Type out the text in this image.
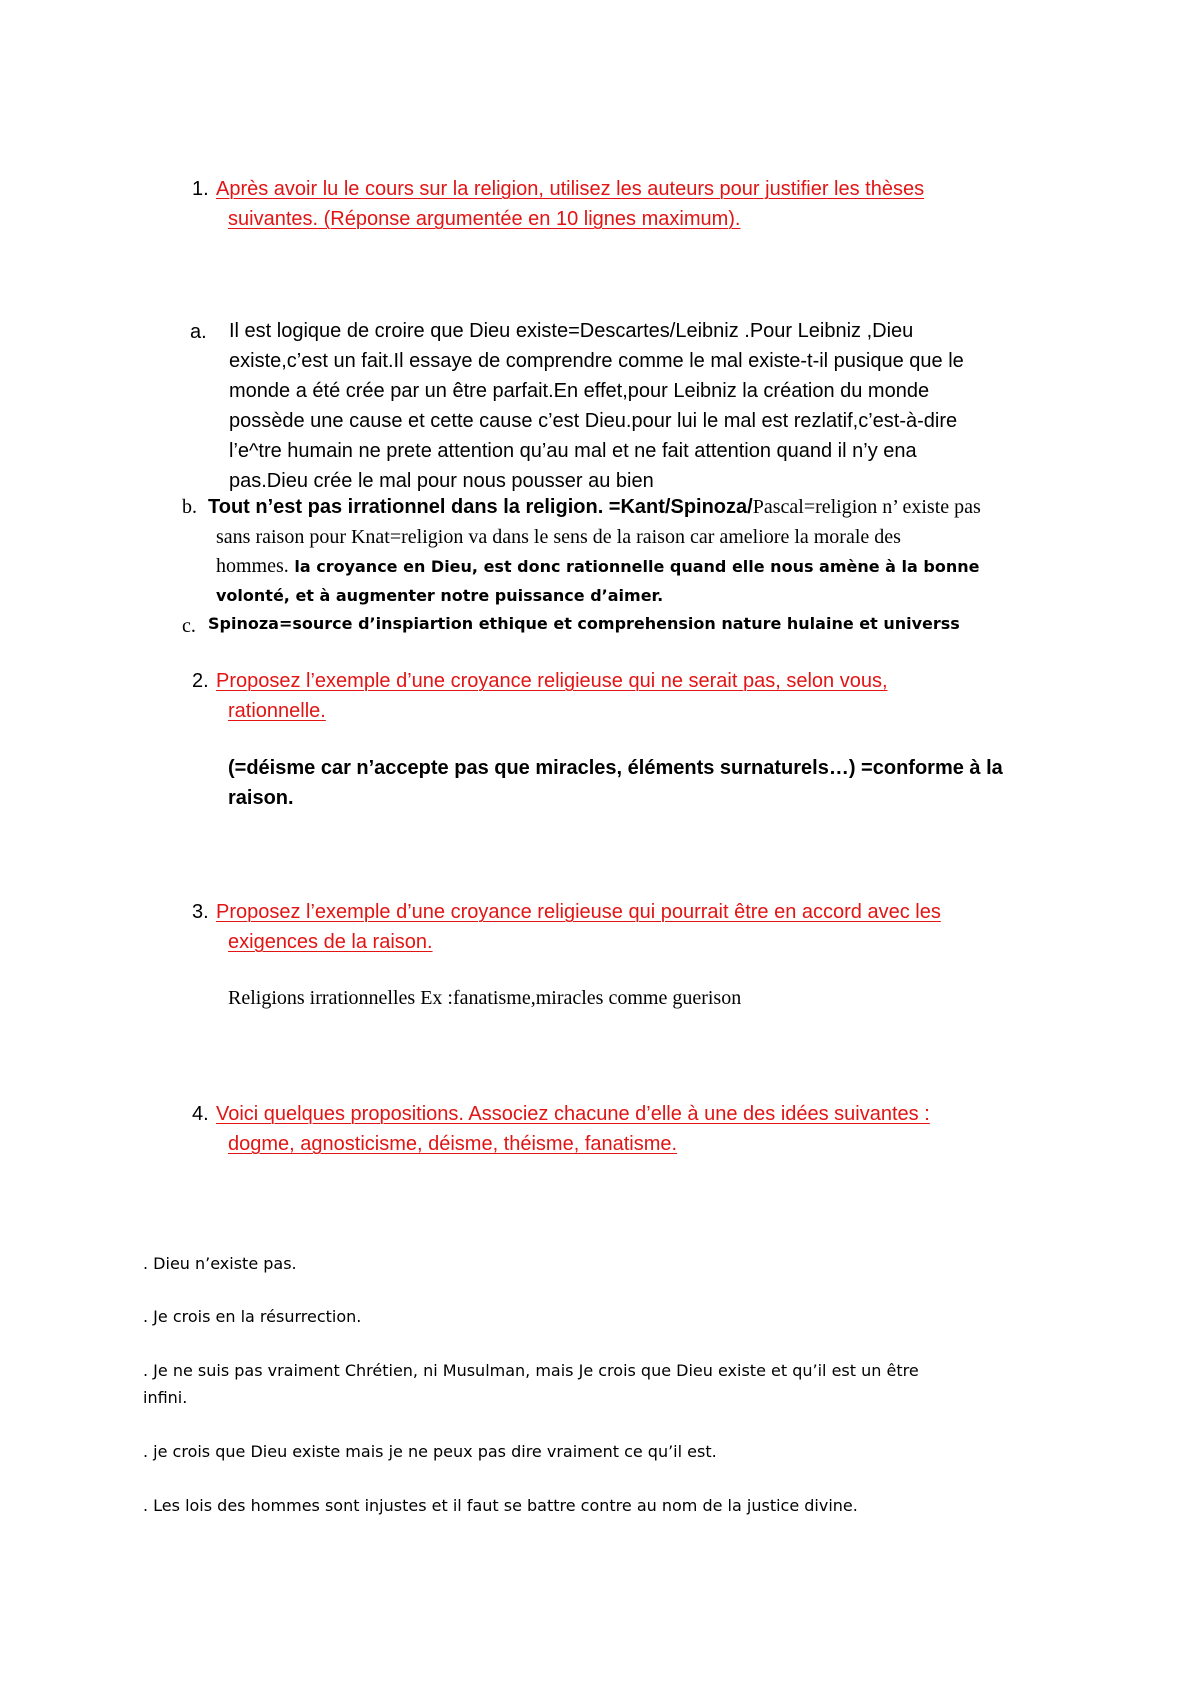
1. Après avoir lu le cours sur la religion, utilisez les auteurs pour justifier les thèses

suivantes. (Réponse argumentée en 10 lignes maximum).

a. Il est logique de croire que Dieu existe=Descartes/Leibniz .Pour Leibniz ,Dieu
existe,c’est un fait.Il essaye de comprendre comme le mal existe-t-il pusique que le
monde a été crée par un être parfait.En effet,pour Leibniz la création du monde
possède une cause et cette cause c’est Dieu.pour lui le mal est rezlatif,c’est-à-dire
l’e^tre humain ne prete attention qu’au mal et ne fait attention quand il n’y ena
pas.Dieu crée le mal pour nous pousser au bien
b. Tout n’est pas irrationnel dans la religion. =Kant/Spinoza/Pascal=religion n’ existe pas

sans raison pour Knat=religion va dans le sens de la raison car ameliore la morale des

hommes. la croyance en Dieu, est donc rationnelle quand elle nous amène à la bonne

volonté, et à augmenter notre puissance d’aimer.

c. Spinoza=source d’inspiartion ethique et comprehension nature hulaine et universs

2. Proposez l’exemple d’une croyance religieuse qui ne serait pas, selon vous,

rationnelle.

(=déisme car n’accepte pas que miracles, éléments surnaturels…) =conforme à la

raison.

3. Proposez l’exemple d’une croyance religieuse qui pourrait être en accord avec les

exigences de la raison.

Religions irrationnelles Ex :fanatisme,miracles comme guerison

4. Voici quelques propositions. Associez chacune d’elle à une des idées suivantes :

dogme, agnosticisme, déisme, théisme, fanatisme.

. Dieu n’existe pas.

. Je crois en la résurrection.

. Je ne suis pas vraiment Chrétien, ni Musulman, mais Je crois que Dieu existe et qu’il est un être

infini.

. je crois que Dieu existe mais je ne peux pas dire vraiment ce qu’il est.

. Les lois des hommes sont injustes et il faut se battre contre au nom de la justice divine.
